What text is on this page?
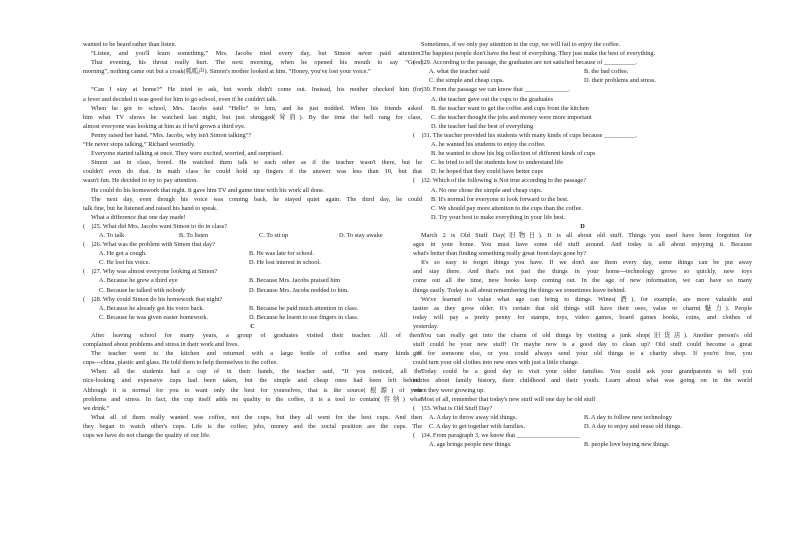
wanted to be heard rather than listen.
“Listen, and you'll learn something.” Mrs. Jacobs tried every day, but Simon never paid attention.
That evening, his throat really hurt. The next morning, when he opened his mouth to say “Good
morning”, nothing came out but a croak(呱呱声). Simon's mother looked at him. “Honey, you've lost your voice.”
“Can I stay at home?” He tried to ask, but words didn't come out. Instead, his mother checked him for
a fever and decided it was good for him to go school, even if he couldn't talk.
When he got to school, Mrs. Jacobs said “Hello” to him, and he just nodded. When his friends asked
him what TV shows he watched last night, but just shrugged(耸肩). By the time the bell rang for class,
almost everyone was looking at him as if he'd grown a third eye.
Penny raised her hand. “Mrs. Jacobs, why isn't Simon talking”?
“He never stops talking,” Richard worriedly.
Everyone started talking at once. They were excited, worried, and surprised.
Simon sat in class, bored. He watched them talk to each other as if the teacher wasn't there, but he
couldn't even do that. In math class he could hold up fingers if the answer was less than 10, but that
wasn't fun. He decided to try to pay attention.
He could do his homework that night. It gave him TV and game time with his work all done.
The next day, even though his voice was coming back, he stayed quiet again. The third day, he could
talk fine, but he listened and raised his hand to speak.
What a difference that one day made!
(　)25. What did Mrs. Jacobs want Simon to do in class?
A. To talk	B. To listen	C. To sit up	D. To stay awake
(　)26. What was the problem with Simon that day?
A. He got a cough.	B. He was late for school.
C. He lost his voice.	D. He lost interest in school.
(　)27. Why was almost everyone looking at Simon?
A. Because he grew a third eye	B. Because Mrs. Jacobs praised him
C. Because he talked with nobody	D. Because Mrs. Jacobs nodded to him.
(　)28. Why could Simon do his homework that night?
A. Because he already got his voice back.	B. Because he paid much attention in class.
C. Because he was given easier homework.	D. Because he learnt to use fingers in class.
C
After leaving school for many years, a group of graduates visited their teacher. All of them
complained about problems and stress in their work and lives.
The teacher went to the kitchen and returned with a large bottle of coffee and many kinds of
cups---china, plastic and glass. He told them to help themselves to the coffee.
When all the students had a cup of in their hands, the teacher said, “If you noticed, all the
nice-looking and expensive cups had been taken, but the simple and cheap ones had been left behind.
Although it is normal for you to want only the best for yourselves, that is the source(根源) of your
problems and stress. In fact, the cup itself adds no quality to the coffee, it is a tool to contain(容纳) what
we drink.”
What all of them really wanted was coffee, not the cups, but they all went for the best cups. And then
they began to watch other's cups. Life is the coffee; jobs, money and the social position are the cups. The
cups we have do not change the quality of our life.
Sometimes, if we only pay attention to the cup, we will fail to enjoy the coffee.
The happiest people don't have the best of everything. They just make the best of everything.
(　)29. According to the passage, the graduates are not satisfied because of __________.
A. what the teacher said	B. the bad coffee.
C. the simple and cheap cups.	D. their problems and stress.
(　)30. From the passage we can know that ______________.
A. the teacher gave out the cups to the graduates
B. the teacher want to get the coffee and cups from the kitchen
C. the teacher thought the jobs and money were more important
D. the teacher had the best of everything
(　)31. The teacher provided his students with many kinds of cups because __________.
A. he wanted his students to enjoy the coffee.
B. he wanted to show his big collection of different kinds of cups
C. he tried to tell the students how to understand life
D. he hoped that they could have better cups
(　)32. Which of the following is Not true according to the passage?
A. No one chose the simple and cheap cups.
B. It's normal for everyone to look forward to the best.
C. We should pay more attention to the cups than the coffee.
D. Try your best to make everything in your life best.
D
March 2 is Old Stuff Day(旧物日). It is all about old stuff. Things you used have been forgotten for
ages in your home. You must have some old stuff around. And today is all about enjoying it. Because
what's better than finding something really great from days gone by?
It's so easy to forget things you have. If we don't use them every day, some things can be put away
and stay there. And that's not just the things in your home---technology grows so quickly, new toys
come out all the time, new books keep coming out. In the age of new information, we can have so many
things easily. Today is all about remembering the things we sometimes leave behind.
We've learned to value what age can bring to things. Wines(酒), for example, are more valuable and
tastier as they grow older. It's certain that old things still have their uses, value or charm(魅力). People
today will pay a pretty penny for stamps, toys, video games, board games books, coins, and clothes of
yesterday.
You can really get into the charm of old things by visiting a junk shop(旧货店). Another person's old
stuff could be your new stuff! Or maybe now is a good day to clean up? Old stuff could become a great
gift for someone else, or you could always send your old things to a charity shop. If you're free, you
could turn your old clothes into new ones with just a little change.
Today could be a good day to visit your older families. You could ask your grandparents to tell you
stories about family history, their childhood and their youth. Learn about what was going on in the world
when they were growing up.
Most of all, remember that today's new stuff will one day be old stuff
(　)33. What is Old Stuff Day?
A. A day to throw away old things.	B. A day to follow new technology
C. A day to get together with families.	D. A day to enjoy and reuse old things.
(　)34. From paragraph 3, we know that ____________________
A. age brings people new things.	B. people love buying new things
